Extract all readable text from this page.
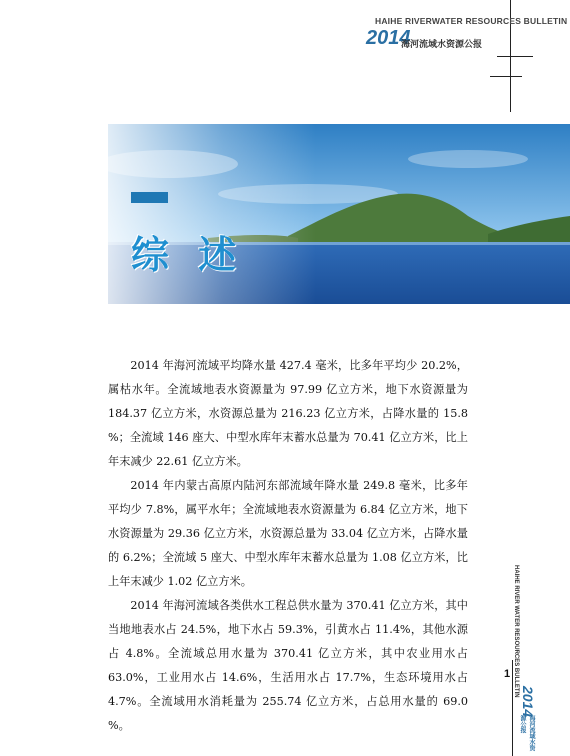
HAIHE RIVERWATER RESOURCES BULLETIN
2014
海河流域水资源公报
综 述

2014 年海河流域平均降水量 427.4 毫米，比多年平均少 20.2%，属枯水年。全流域地表水资源量为 97.99 亿立方米，地下水资源量为 184.37 亿立方米，水资源总量为 216.23 亿立方米，占降水量的 15.8 %；全流域 146 座大、中型水库年末蓄水总量为 70.41 亿立方米，比上年末减少 22.61 亿立方米。

2014 年内蒙古高原内陆河东部流域年降水量 249.8 毫米，比多年平均少 7.8%，属平水年；全流域地表水资源量为 6.84 亿立方米，地下水资源量为 29.36 亿立方米，水资源总量为 33.04 亿立方米，占降水量的 6.2%；全流域 5 座大、中型水库年末蓄水总量为 1.08 亿立方米，比上年末减少 1.02 亿立方米。

2014 年海河流域各类供水工程总供水量为 370.41 亿立方米，其中当地地表水占 24.5%，地下水占 59.3%，引黄水占 11.4%，其他水源占 4.8%。全流域总用水量为 370.41 亿立方米，其中农业用水占 63.0%，工业用水占 14.6%，生活用水占 17.7%，生态环境用水占 4.7%。全流域用水消耗量为 255.74 亿立方米，占总用水量的 69.0 %。

HAIHE RIVER WATER RESOURCES BULLETIN
1
2014
海河流域水资源公报
